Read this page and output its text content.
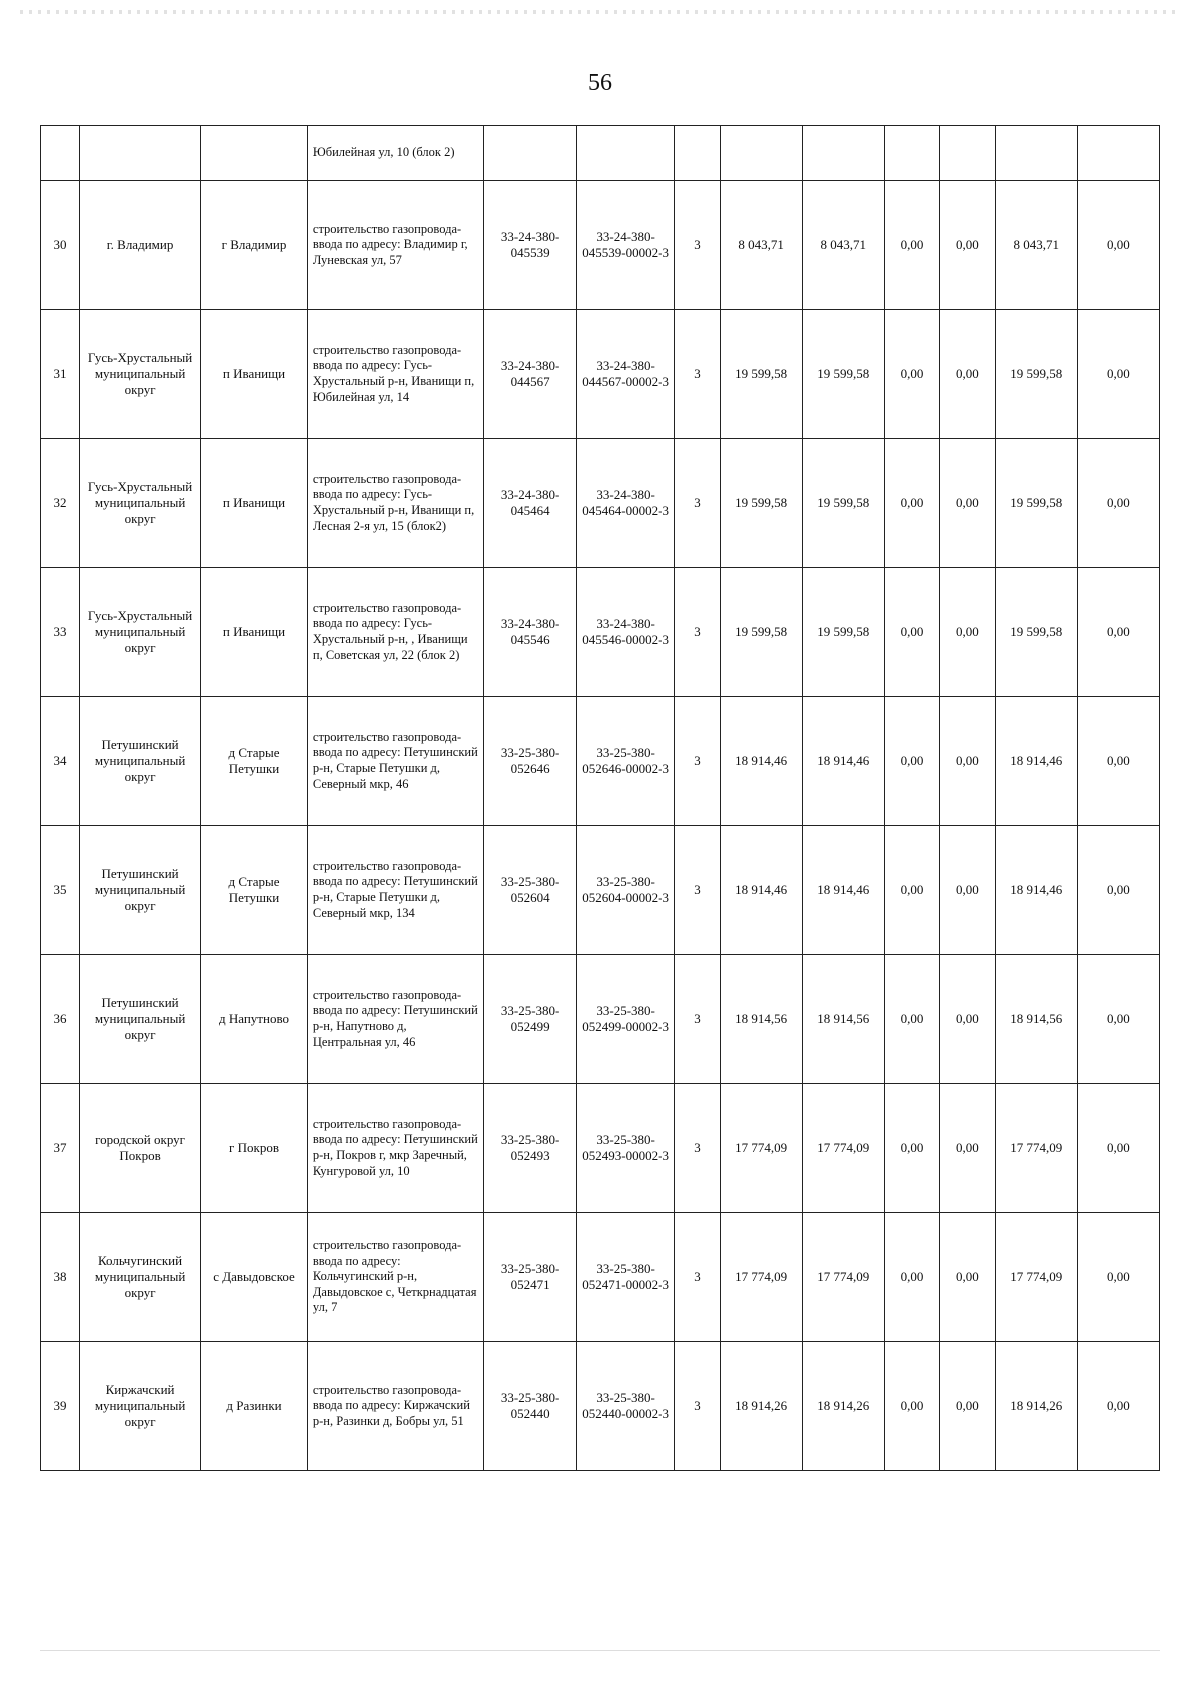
56
			Юбилейная ул, 10 (блок 2)									
30	г. Владимир	г Владимир	строительство газопровода-ввода по адресу: Владимир г, Луневская ул, 57	33-24-380-045539	33-24-380-045539-00002-3	3	8 043,71	8 043,71	0,00	0,00	8 043,71	0,00
31	Гусь-Хрустальный муниципальный округ	п Иванищи	строительство газопровода-ввода по адресу: Гусь-Хрустальный р-н, Иванищи п, Юбилейная ул, 14	33-24-380-044567	33-24-380-044567-00002-3	3	19 599,58	19 599,58	0,00	0,00	19 599,58	0,00
32	Гусь-Хрустальный муниципальный округ	п Иванищи	строительство газопровода-ввода по адресу: Гусь-Хрустальный р-н, Иванищи п, Лесная 2-я ул, 15 (блок2)	33-24-380-045464	33-24-380-045464-00002-3	3	19 599,58	19 599,58	0,00	0,00	19 599,58	0,00
33	Гусь-Хрустальный муниципальный округ	п Иванищи	строительство газопровода-ввода по адресу: Гусь-Хрустальный р-н, , Иванищи п, Советская ул, 22 (блок 2)	33-24-380-045546	33-24-380-045546-00002-3	3	19 599,58	19 599,58	0,00	0,00	19 599,58	0,00
34	Петушинский муниципальный округ	д Старые Петушки	строительство газопровода-ввода по адресу: Петушинский р-н, Старые Петушки д, Северный мкр, 46	33-25-380-052646	33-25-380-052646-00002-3	3	18 914,46	18 914,46	0,00	0,00	18 914,46	0,00
35	Петушинский муниципальный округ	д Старые Петушки	строительство газопровода-ввода по адресу: Петушинский р-н, Старые Петушки д, Северный мкр, 134	33-25-380-052604	33-25-380-052604-00002-3	3	18 914,46	18 914,46	0,00	0,00	18 914,46	0,00
36	Петушинский муниципальный округ	д Напутново	строительство газопровода-ввода по адресу: Петушинский р-н, Напутново д, Центральная ул, 46	33-25-380-052499	33-25-380-052499-00002-3	3	18 914,56	18 914,56	0,00	0,00	18 914,56	0,00
37	городской округ Покров	г Покров	строительство газопровода-ввода по адресу: Петушинский р-н, Покров г, мкр Заречный, Кунгуровой ул, 10	33-25-380-052493	33-25-380-052493-00002-3	3	17 774,09	17 774,09	0,00	0,00	17 774,09	0,00
38	Кольчугинский муниципальный округ	с Давыдовское	строительство газопровода-ввода по адресу: Кольчугинский р-н, Давыдовское с, Четкрнадцатая ул, 7	33-25-380-052471	33-25-380-052471-00002-3	3	17 774,09	17 774,09	0,00	0,00	17 774,09	0,00
39	Киржачский муниципальный округ	д Разинки	строительство газопровода-ввода по адресу: Киржачский р-н, Разинки д, Бобры ул, 51	33-25-380-052440	33-25-380-052440-00002-3	3	18 914,26	18 914,26	0,00	0,00	18 914,26	0,00
